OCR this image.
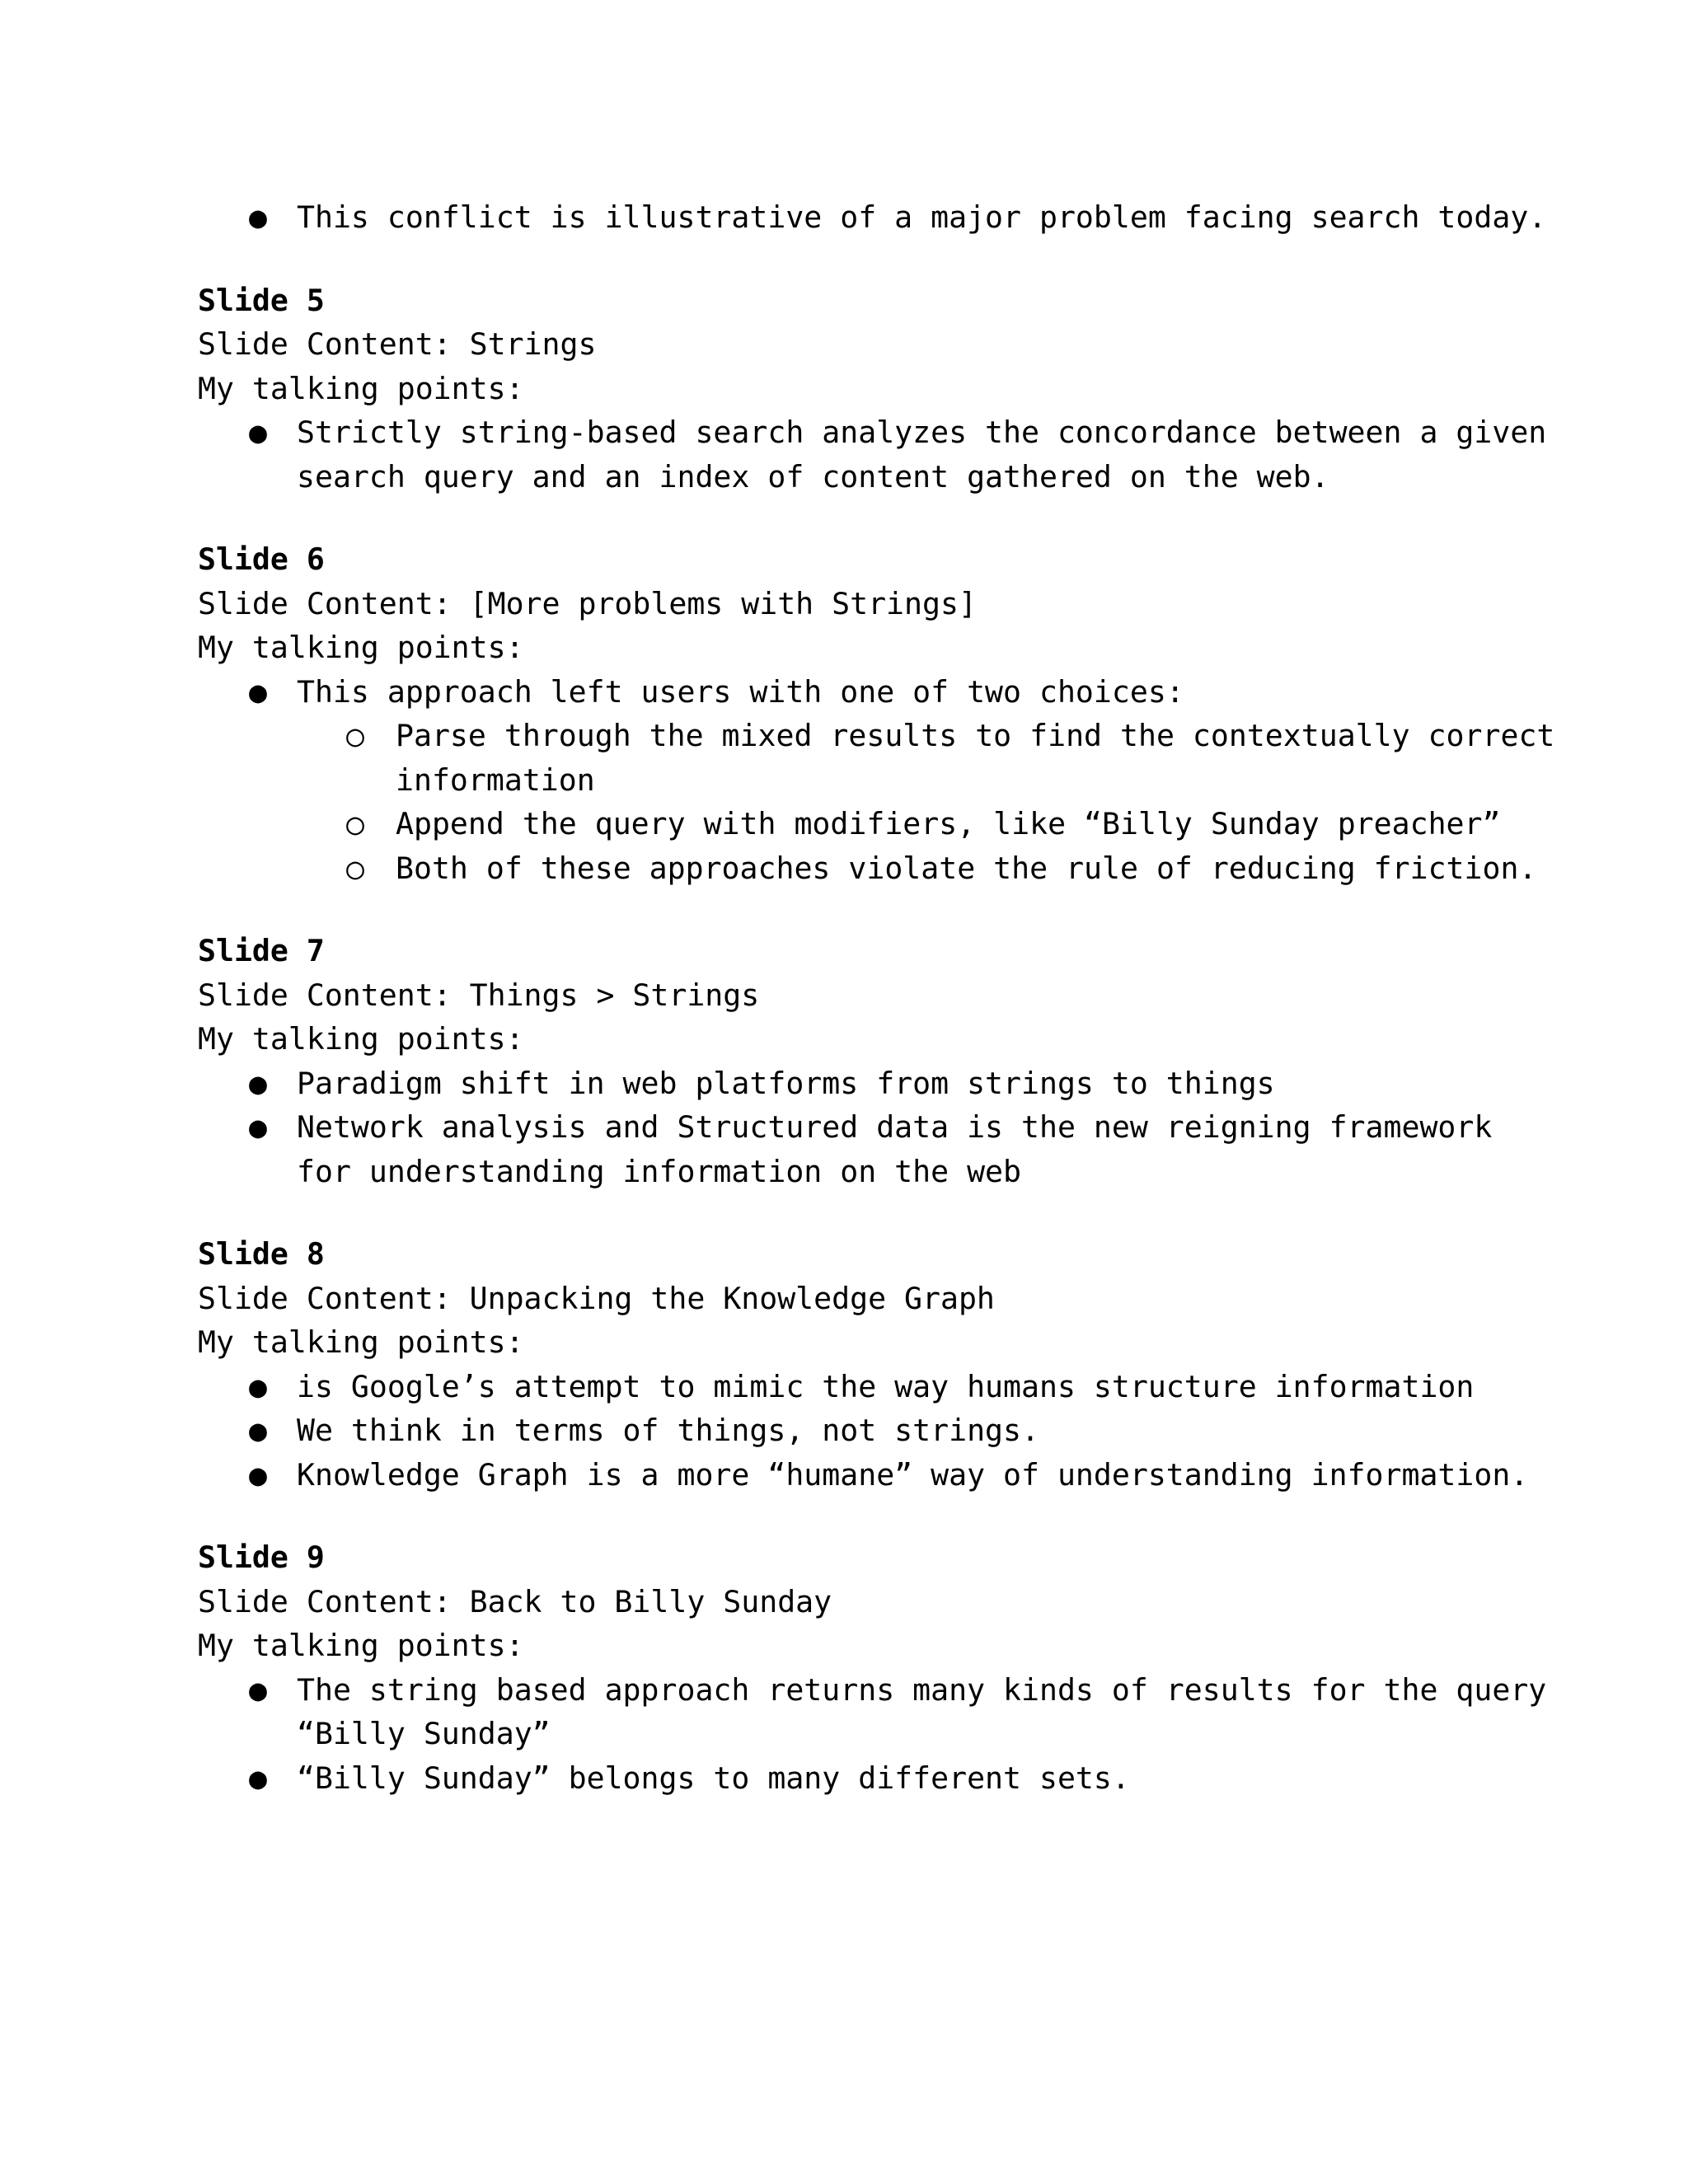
● This conflict is illustrative of a major problem facing search today.
Slide 5
Slide Content: Strings
My talking points:
● Strictly string-based search analyzes the concordance between a given search query and an index of content gathered on the web.
Slide 6
Slide Content: [More problems with Strings]
My talking points:
● This approach left users with one of two choices:
○ Parse through the mixed results to find the contextually correct information
○ Append the query with modifiers, like “Billy Sunday preacher”
○ Both of these approaches violate the rule of reducing friction.
Slide 7
Slide Content: Things > Strings
My talking points:
● Paradigm shift in web platforms from strings to things
● Network analysis and Structured data is the new reigning framework for understanding information on the web
Slide 8
Slide Content: Unpacking the Knowledge Graph
My talking points:
● is Google’s attempt to mimic the way humans structure information
● We think in terms of things, not strings.
● Knowledge Graph is a more “humane” way of understanding information.
Slide 9
Slide Content: Back to Billy Sunday
My talking points:
● The string based approach returns many kinds of results for the query “Billy Sunday”
● “Billy Sunday” belongs to many different sets.
